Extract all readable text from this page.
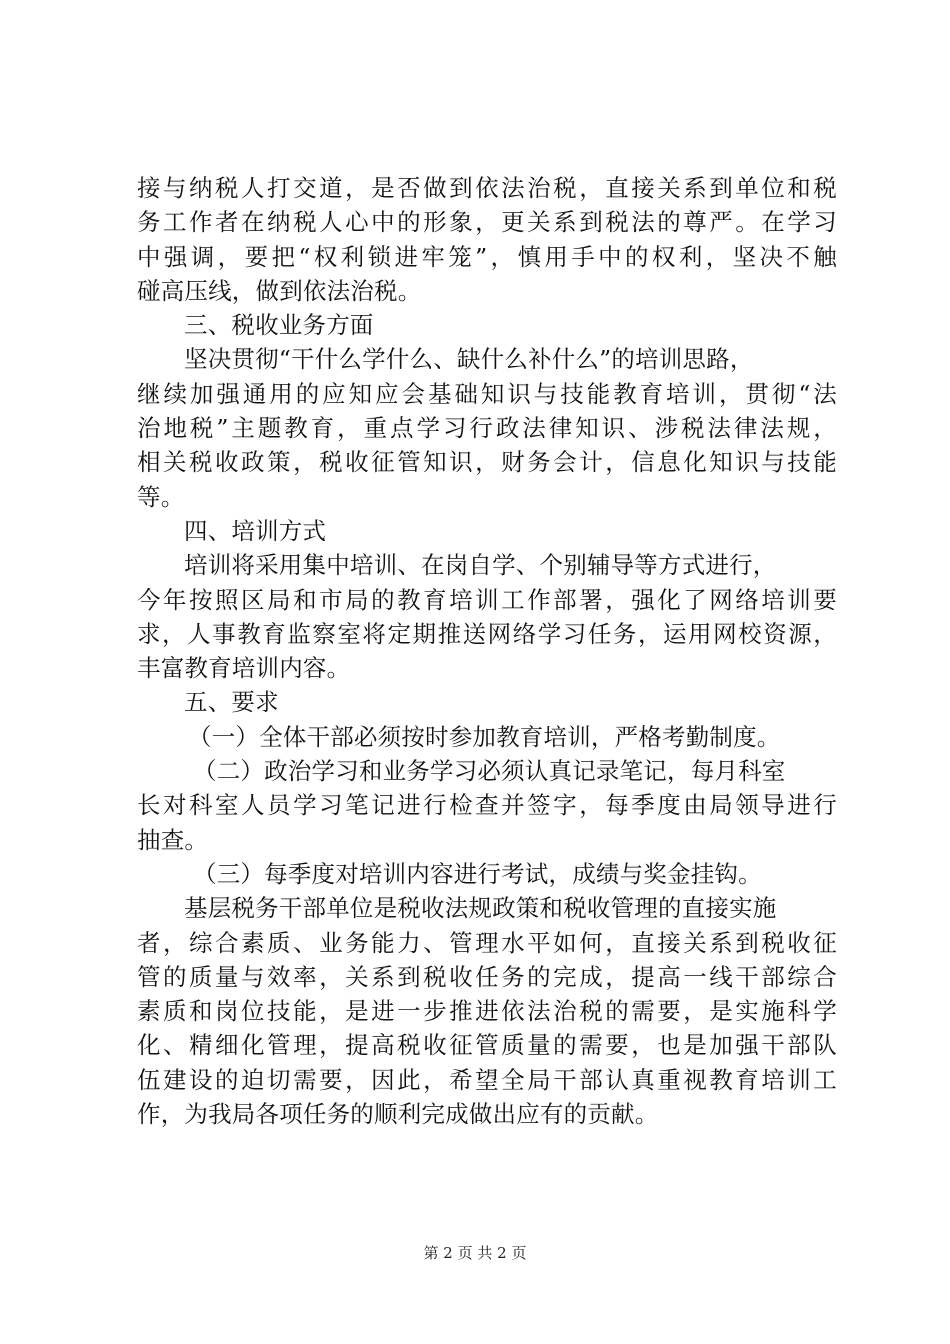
接与纳税人打交道，是否做到依法治税，直接关系到单位和税
务工作者在纳税人心中的形象，更关系到税法的尊严。在学习
中强调，要把“权利锁进牢笼”，慎用手中的权利，坚决不触
碰高压线，做到依法治税。
三、税收业务方面
坚决贯彻“干什么学什么、缺什么补什么”的培训思路，
继续加强通用的应知应会基础知识与技能教育培训，贯彻“法
治地税”主题教育，重点学习行政法律知识、涉税法律法规，
相关税收政策，税收征管知识，财务会计，信息化知识与技能
等。
四、培训方式
培训将采用集中培训、在岗自学、个别辅导等方式进行，
今年按照区局和市局的教育培训工作部署，强化了网络培训要
求，人事教育监察室将定期推送网络学习任务，运用网校资源，
丰富教育培训内容。
五、要求
（一）全体干部必须按时参加教育培训，严格考勤制度。
（二）政治学习和业务学习必须认真记录笔记，每月科室
长对科室人员学习笔记进行检查并签字，每季度由局领导进行
抽查。
（三）每季度对培训内容进行考试，成绩与奖金挂钩。
基层税务干部单位是税收法规政策和税收管理的直接实施
者，综合素质、业务能力、管理水平如何，直接关系到税收征
管的质量与效率，关系到税收任务的完成，提高一线干部综合
素质和岗位技能，是进一步推进依法治税的需要，是实施科学
化、精细化管理，提高税收征管质量的需要，也是加强干部队
伍建设的迫切需要，因此，希望全局干部认真重视教育培训工
作，为我局各项任务的顺利完成做出应有的贡献。
第 2 页 共 2 页
